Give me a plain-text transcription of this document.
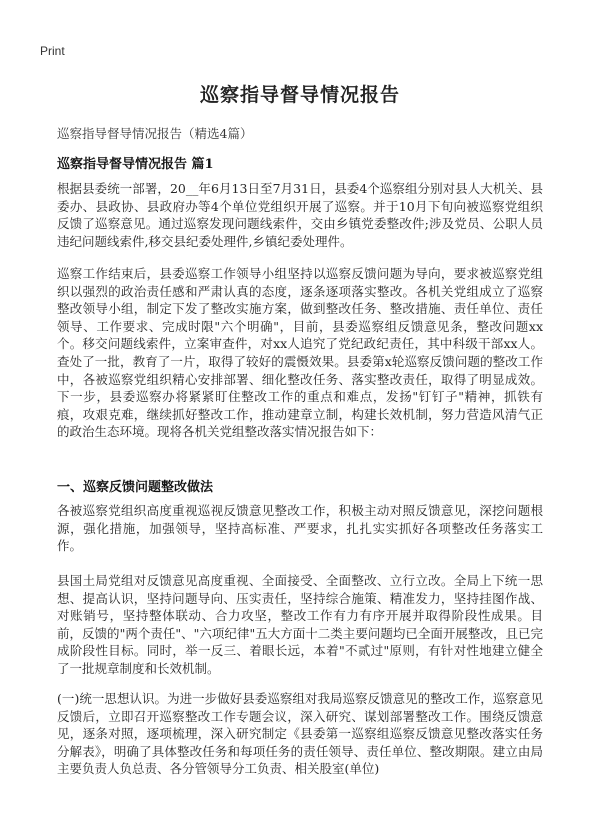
Print
巡察指导督导情况报告
巡察指导督导情况报告（精选4篇）
巡察指导督导情况报告 篇1

根据县委统一部署，20__年6月13日至7月31日，县委4个巡察组分别对县人大机关、县委办、县政协、县政府办等4个单位党组织开展了巡察。并于10月下旬向被巡察党组织反馈了巡察意见。通过巡察发现问题线索件，交由乡镇党委整改件;涉及党员、公职人员违纪问题线索件,移交县纪委处理件,乡镇纪委处理件。

巡察工作结束后，县委巡察工作领导小组坚持以巡察反馈问题为导向，要求被巡察党组织以强烈的政治责任感和严肃认真的态度，逐条逐项落实整改。各机关党组成立了巡察整改领导小组，制定下发了整改实施方案，做到整改任务、整改措施、责任单位、责任领导、工作要求、完成时限"六个明确"，目前，县委巡察组反馈意见条，整改问题xx个。移交问题线索件，立案审查件，对xx人追究了党纪政纪责任，其中科级干部xx人。查处了一批，教育了一片，取得了较好的震慑效果。县委第x轮巡察反馈问题的整改工作中，各被巡察党组织精心安排部署、细化整改任务、落实整改责任，取得了明显成效。下一步，县委巡察办将紧紧盯住整改工作的重点和难点，发扬"钉钉子"精神，抓铁有痕，攻艰克难，继续抓好整改工作，推动建章立制，构建长效机制，努力营造风清气正的政治生态环境。现将各机关党组整改落实情况报告如下：

一、巡察反馈问题整改做法

各被巡察党组织高度重视巡视反馈意见整改工作，积极主动对照反馈意见，深挖问题根源，强化措施，加强领导，坚持高标准、严要求，扎扎实实抓好各项整改任务落实工作。

县国土局党组对反馈意见高度重视、全面接受、全面整改、立行立改。全局上下统一思想、提高认识，坚持问题导向、压实责任，坚持综合施策、精准发力，坚持挂图作战、对账销号，坚持整体联动、合力攻坚，整改工作有力有序开展并取得阶段性成果。目前，反馈的"两个责任"、"六项纪律"五大方面十二类主要问题均已全面开展整改，且已完成阶段性目标。同时，举一反三、着眼长远，本着"不贰过"原则，有针对性地建立健全了一批规章制度和长效机制。

(一)统一思想认识。为进一步做好县委巡察组对我局巡察反馈意见的整改工作，巡察意见反馈后，立即召开巡察整改工作专题会议，深入研究、谋划部署整改工作。围绕反馈意见，逐条对照，逐项梳理，深入研究制定《县委第一巡察组巡察反馈意见整改落实任务分解表》，明确了具体整改任务和每项任务的责任领导、责任单位、整改期限。建立由局主要负责人负总责、各分管领导分工负责、相关股室(单位)
